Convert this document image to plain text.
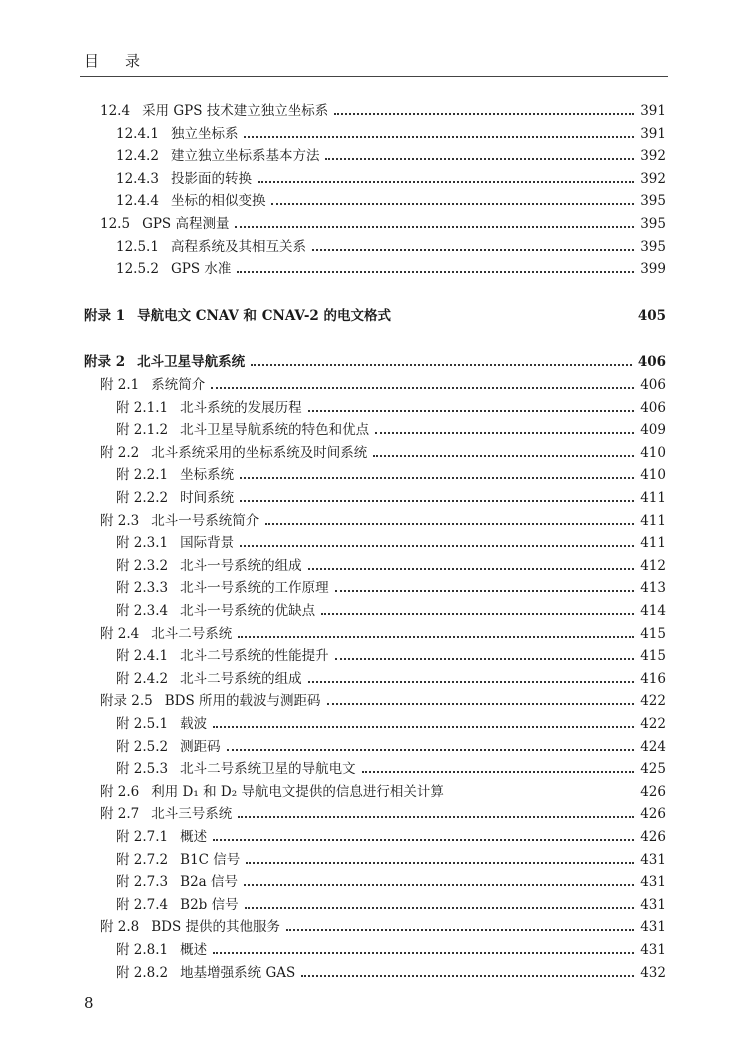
目 录
12.4 采用 GPS 技术建立独立坐标系	391
12.4.1 独立坐标系	391
12.4.2 建立独立坐标系基本方法	392
12.4.3 投影面的转换	392
12.4.4 坐标的相似变换	395
12.5 GPS 高程测量	395
12.5.1 高程系统及其相互关系	395
12.5.2 GPS 水准	399
附录 1 导航电文 CNAV 和 CNAV-2 的电文格式	405
附录 2 北斗卫星导航系统	406
附 2.1 系统简介	406
附 2.1.1 北斗系统的发展历程	406
附 2.1.2 北斗卫星导航系统的特色和优点	409
附 2.2 北斗系统采用的坐标系统及时间系统	410
附 2.2.1 坐标系统	410
附 2.2.2 时间系统	411
附 2.3 北斗一号系统简介	411
附 2.3.1 国际背景	411
附 2.3.2 北斗一号系统的组成	412
附 2.3.3 北斗一号系统的工作原理	413
附 2.3.4 北斗一号系统的优缺点	414
附 2.4 北斗二号系统	415
附 2.4.1 北斗二号系统的性能提升	415
附 2.4.2 北斗二号系统的组成	416
附录 2.5 BDS 所用的载波与测距码	422
附 2.5.1 载波	422
附 2.5.2 测距码	424
附 2.5.3 北斗二号系统卫星的导航电文	425
附 2.6 利用 D₁ 和 D₂ 导航电文提供的信息进行相关计算	426
附 2.7 北斗三号系统	426
附 2.7.1 概述	426
附 2.7.2 B1C 信号	431
附 2.7.3 B2a 信号	431
附 2.7.4 B2b 信号	431
附 2.8 BDS 提供的其他服务	431
附 2.8.1 概述	431
附 2.8.2 地基增强系统 GAS	432
8
